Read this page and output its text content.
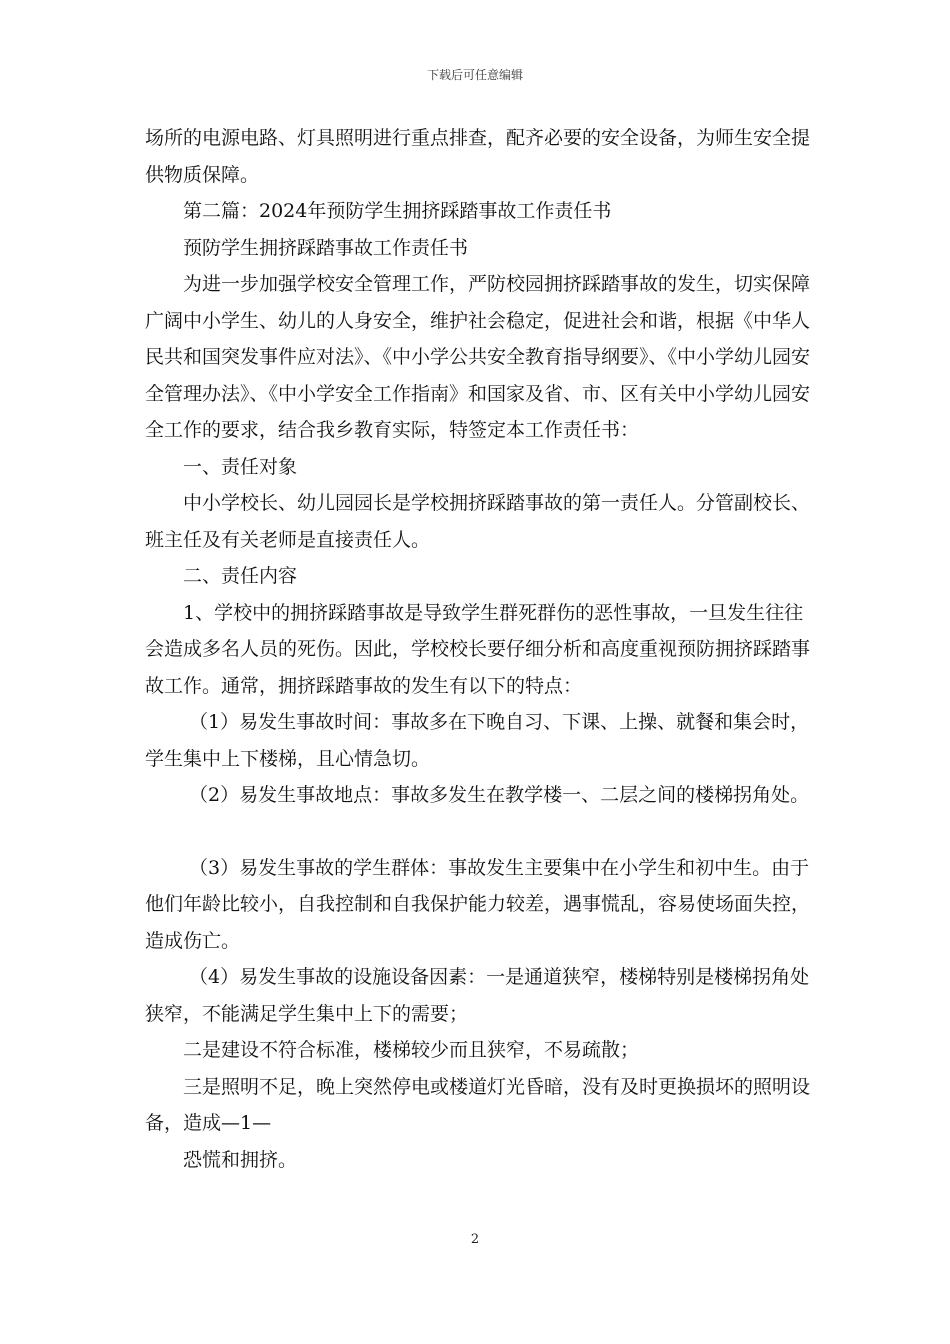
下载后可任意编辑

场所的电源电路、灯具照明进行重点排查，配齐必要的安全设备，为师生安全提供物质保障。

第二篇：2024年预防学生拥挤踩踏事故工作责任书

预防学生拥挤踩踏事故工作责任书

为进一步加强学校安全管理工作，严防校园拥挤踩踏事故的发生，切实保障广阔中小学生、幼儿的人身安全，维护社会稳定，促进社会和谐，根据《中华人民共和国突发事件应对法》、《中小学公共安全教育指导纲要》、《中小学幼儿园安全管理办法》、《中小学安全工作指南》和国家及省、市、区有关中小学幼儿园安全工作的要求，结合我乡教育实际，特签定本工作责任书：

一、责任对象

中小学校长、幼儿园园长是学校拥挤踩踏事故的第一责任人。分管副校长、班主任及有关老师是直接责任人。

二、责任内容

1、学校中的拥挤踩踏事故是导致学生群死群伤的恶性事故，一旦发生往往会造成多名人员的死伤。因此，学校校长要仔细分析和高度重视预防拥挤踩踏事故工作。通常，拥挤踩踏事故的发生有以下的特点：

（1）易发生事故时间：事故多在下晚自习、下课、上操、就餐和集会时，学生集中上下楼梯，且心情急切。

（2）易发生事故地点：事故多发生在教学楼一、二层之间的楼梯拐角处。

（3）易发生事故的学生群体：事故发生主要集中在小学生和初中生。由于他们年龄比较小，自我控制和自我保护能力较差，遇事慌乱，容易使场面失控，造成伤亡。

（4）易发生事故的设施设备因素：一是通道狭窄，楼梯特别是楼梯拐角处狭窄，不能满足学生集中上下的需要；

二是建设不符合标准，楼梯较少而且狭窄，不易疏散；

三是照明不足，晚上突然停电或楼道灯光昏暗，没有及时更换损坏的照明设备，造成—1—

恐慌和拥挤。

2
